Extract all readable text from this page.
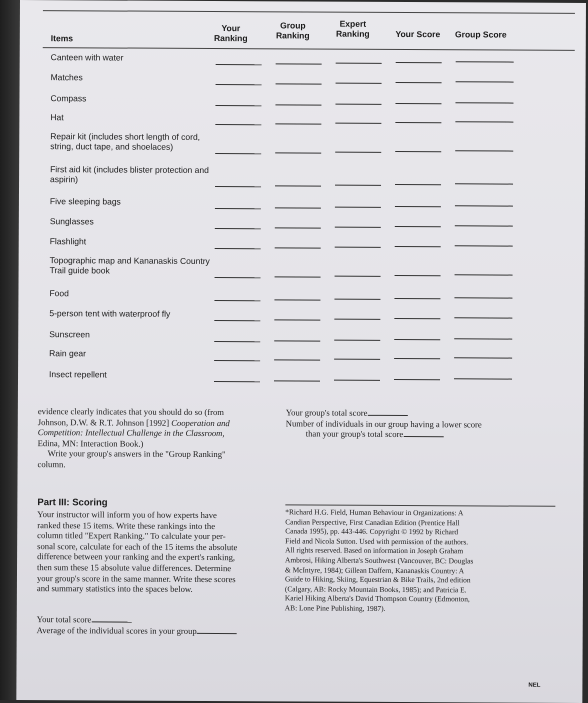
Items
Your Ranking
Group Ranking
Expert Ranking	Your Score	Group Score
Canteen with water
Matches
Compass
Hat
Repair kit (includes short length of cord, string, duct tape, and shoelaces)
First aid kit (includes blister protection and aspirin)
Five sleeping bags
Sunglasses
Flashlight
Topographic map and Kananaskis Country Trail guide book
Food
5-person tent with waterproof fly
Sunscreen
Rain gear
Insect repellent
evidence clearly indicates that you should do so (from
Johnson, D.W. & R.T. Johnson [1992] Cooperation and
Competition: Intellectual Challenge in the Classroom,
Edina, MN: Interaction Book.)
Write your group's answers in the "Group Ranking"
column.
Your group's total score
Number of individuals in our group having a lower score
than your group's total score
Part III: Scoring
Your instructor will inform you of how experts have
ranked these 15 items. Write these rankings into the
column titled "Expert Ranking." To calculate your per-
sonal score, calculate for each of the 15 items the absolute
difference between your ranking and the expert's ranking,
then sum these 15 absolute value differences. Determine
your group's score in the same manner. Write these scores
and summary statistics into the spaces below.
Your total score
Average of the individual scores in your group
*Richard H.G. Field, Human Behaviour in Organizations: A
Candian Perspective, First Canadian Edition (Prentice Hall
Canada 1995), pp. 443-446. Copyright © 1992 by Richard
Field and Nicola Sutton. Used with permission of the authors.
All rights reserved. Based on information in Joseph Graham
Ambrosi, Hiking Alberta's Southwest (Vancouver, BC: Douglas
& McIntyre, 1984); Gillean Daffern, Kananaskis Country: A
Guide to Hiking, Skiing, Equestrian & Bike Trails, 2nd edition
(Calgary, AB: Rocky Mountain Books, 1985); and Patricia E.
Kariel Hiking Alberta's David Thompson Country (Edmonton,
AB: Lone Pine Publishing, 1987).
NEL
